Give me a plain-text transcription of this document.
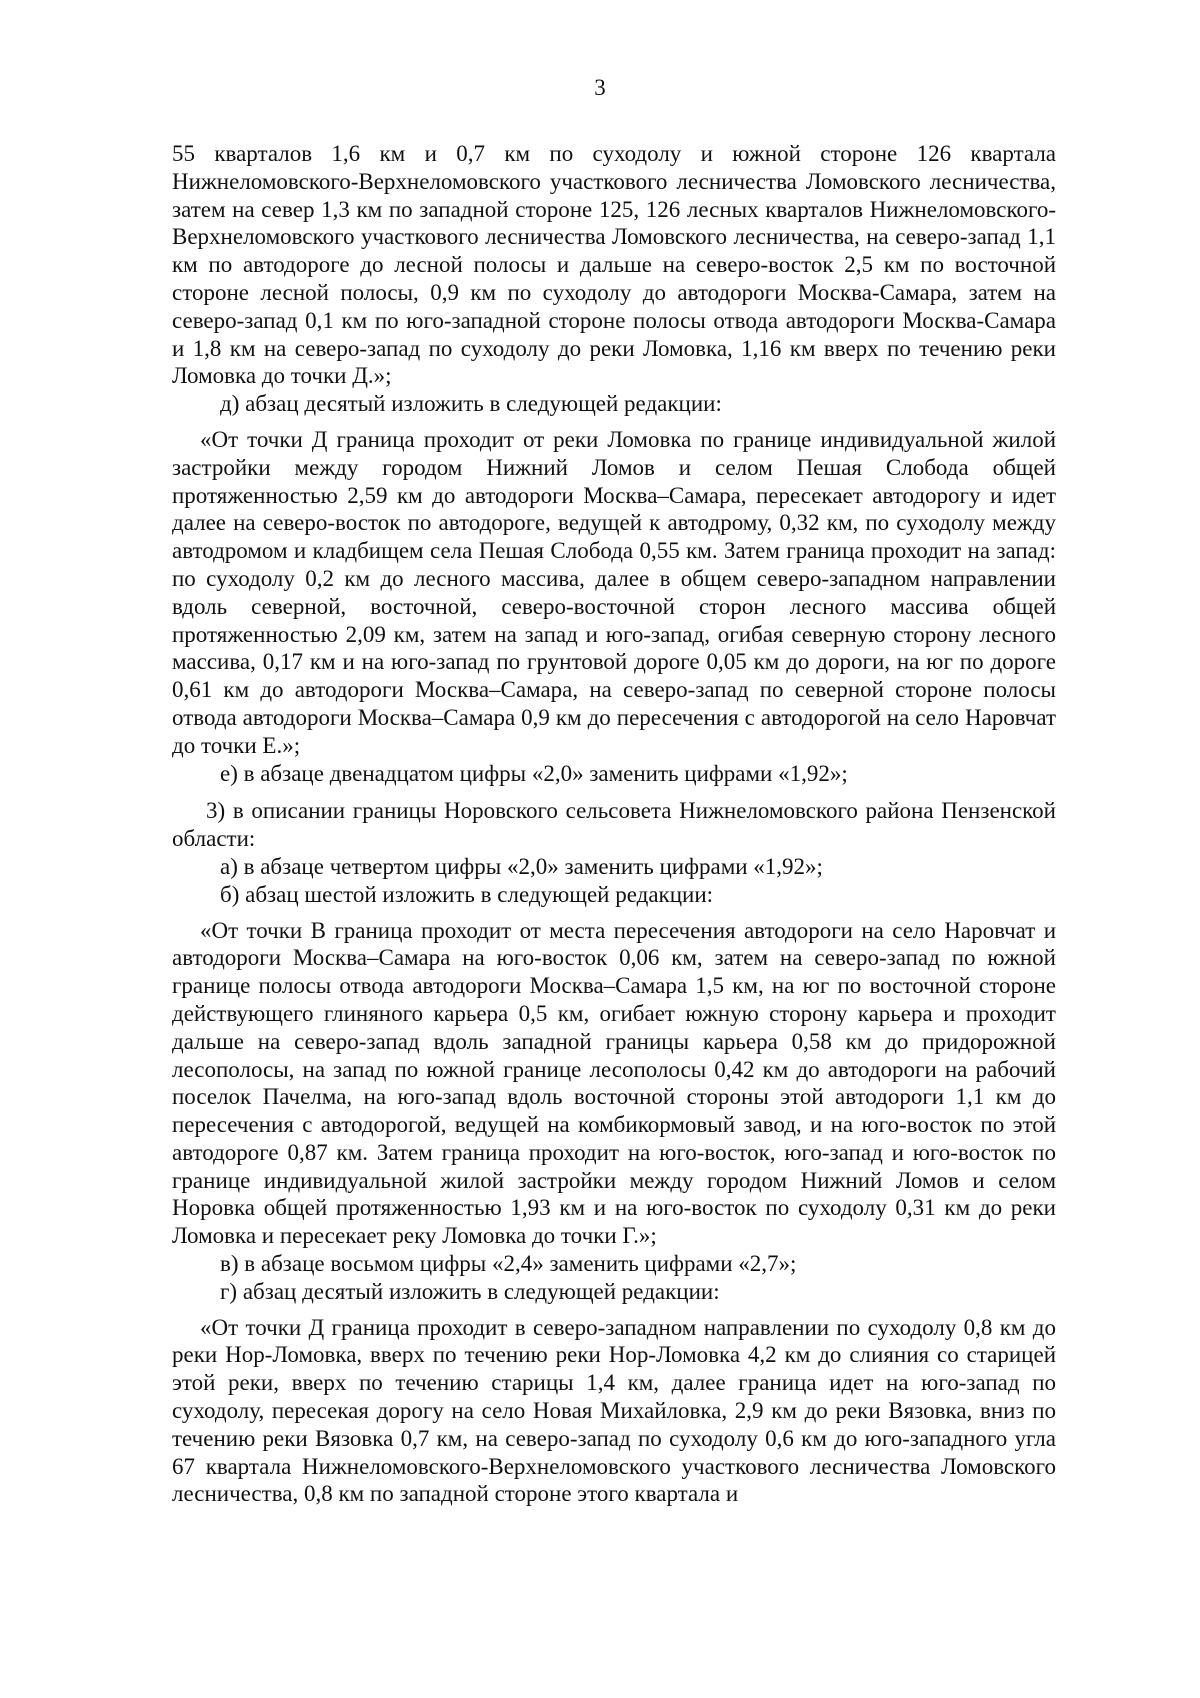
3

55 кварталов 1,6 км и 0,7 км по суходолу и южной стороне 126 квартала Нижнеломовского-Верхнеломовского участкового лесничества Ломовского лесничества, затем на север 1,3 км по западной стороне 125, 126 лесных кварталов Нижнеломовского-Верхнеломовского участкового лесничества Ломовского лесничества, на северо-запад 1,1 км по автодороге до лесной полосы и дальше на северо-восток 2,5 км по восточной стороне лесной полосы, 0,9 км по суходолу до автодороги Москва-Самара, затем на северо-запад 0,1 км по юго-западной стороне полосы отвода автодороги Москва-Самара и 1,8 км на северо-запад по суходолу до реки Ломовка, 1,16 км вверх по течению реки Ломовка до точки Д.»;

д) абзац десятый изложить в следующей редакции:

«От точки Д граница проходит от реки Ломовка по границе индивидуальной жилой застройки между городом Нижний Ломов и селом Пешая Слобода общей протяженностью 2,59 км до автодороги Москва–Самара, пересекает автодорогу и идет далее на северо-восток по автодороге, ведущей к автодрому, 0,32 км, по суходолу между автодромом и кладбищем села Пешая Слобода 0,55 км. Затем граница проходит на запад: по суходолу 0,2 км до лесного массива, далее в общем северо-западном направлении вдоль северной, восточной, северо-восточной сторон лесного массива общей протяженностью 2,09 км, затем на запад и юго-запад, огибая северную сторону лесного массива, 0,17 км и на юго-запад по грунтовой дороге 0,05 км до дороги, на юг по дороге 0,61 км до автодороги Москва–Самара, на северо-запад по северной стороне полосы отвода автодороги Москва–Самара 0,9 км до пересечения с автодорогой на село Наровчат до точки Е.»;

е) в абзаце двенадцатом цифры «2,0» заменить цифрами «1,92»;

3) в описании границы Норовского сельсовета Нижнеломовского района Пензенской области:

а) в абзаце четвертом цифры «2,0» заменить цифрами «1,92»;

б) абзац шестой изложить в следующей редакции:

«От точки В граница проходит от места пересечения автодороги на село Наровчат и автодороги Москва–Самара на юго-восток 0,06 км, затем на северо-запад по южной границе полосы отвода автодороги Москва–Самара 1,5 км, на юг по восточной стороне действующего глиняного карьера 0,5 км, огибает южную сторону карьера и проходит дальше на северо-запад вдоль западной границы карьера 0,58 км до придорожной лесополосы, на запад по южной границе лесополосы 0,42 км до автодороги на рабочий поселок Пачелма, на юго-запад вдоль восточной стороны этой автодороги 1,1 км до пересечения с автодорогой, ведущей на комбикормовый завод, и на юго-восток по этой автодороге 0,87 км. Затем граница проходит на юго-восток, юго-запад и юго-восток по границе индивидуальной жилой застройки между городом Нижний Ломов и селом Норовка общей протяженностью 1,93 км и на юго-восток по суходолу 0,31 км до реки Ломовка и пересекает реку Ломовка до точки Г.»;

в) в абзаце восьмом цифры «2,4» заменить цифрами «2,7»;

г) абзац десятый изложить в следующей редакции:

«От точки Д граница проходит в северо-западном направлении по суходолу 0,8 км до реки Нор-Ломовка, вверх по течению реки Нор-Ломовка 4,2 км до слияния со старицей этой реки, вверх по течению старицы 1,4 км, далее граница идет на юго-запад по суходолу, пересекая дорогу на село Новая Михайловка, 2,9 км до реки Вязовка, вниз по течению реки Вязовка 0,7 км, на северо-запад по суходолу 0,6 км до юго-западного угла 67 квартала Нижнеломовского-Верхнеломовского участкового лесничества Ломовского лесничества, 0,8 км по западной стороне этого квартала и
